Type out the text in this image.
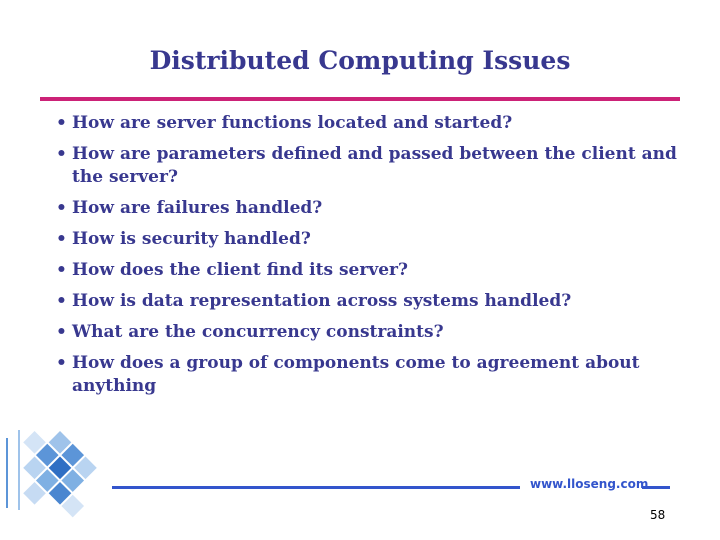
Distributed Computing Issues
• How are server functions located and started?
• How are parameters defined and passed between the client and the server?
• How are failures handled?
• How is security handled?
• How does the client find its server?
• How is data representation across systems handled?
• What are the concurrency constraints?
• How does a group of components come to agreement about anything
www.lloseng.com
58
